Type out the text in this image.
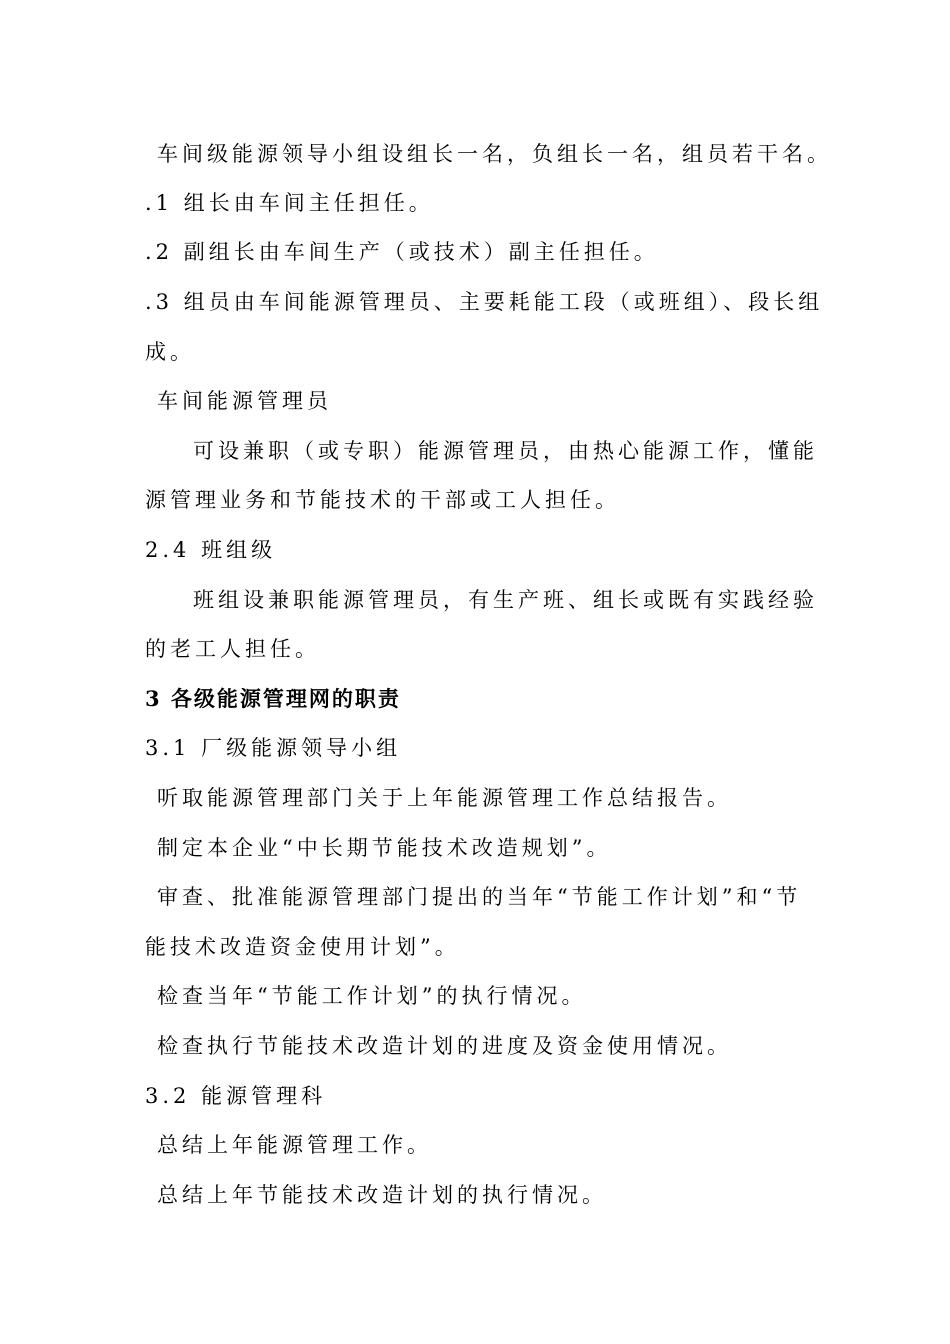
车间级能源领导小组设组长一名，负组长一名，组员若干名。
.1 组长由车间主任担任。
.2 副组长由车间生产（或技术）副主任担任。
.3 组员由车间能源管理员、主要耗能工段（或班组）、段长组
成。
车间能源管理员
可设兼职（或专职）能源管理员，由热心能源工作，懂能
源管理业务和节能技术的干部或工人担任。
2.4 班组级
班组设兼职能源管理员，有生产班、组长或既有实践经验
的老工人担任。
3 各级能源管理网的职责
3.1 厂级能源领导小组
听取能源管理部门关于上年能源管理工作总结报告。
制定本企业“中长期节能技术改造规划”。
审查、批准能源管理部门提出的当年“节能工作计划”和“节
能技术改造资金使用计划”。
检查当年“节能工作计划”的执行情况。
检查执行节能技术改造计划的进度及资金使用情况。
3.2 能源管理科
总结上年能源管理工作。
总结上年节能技术改造计划的执行情况。
